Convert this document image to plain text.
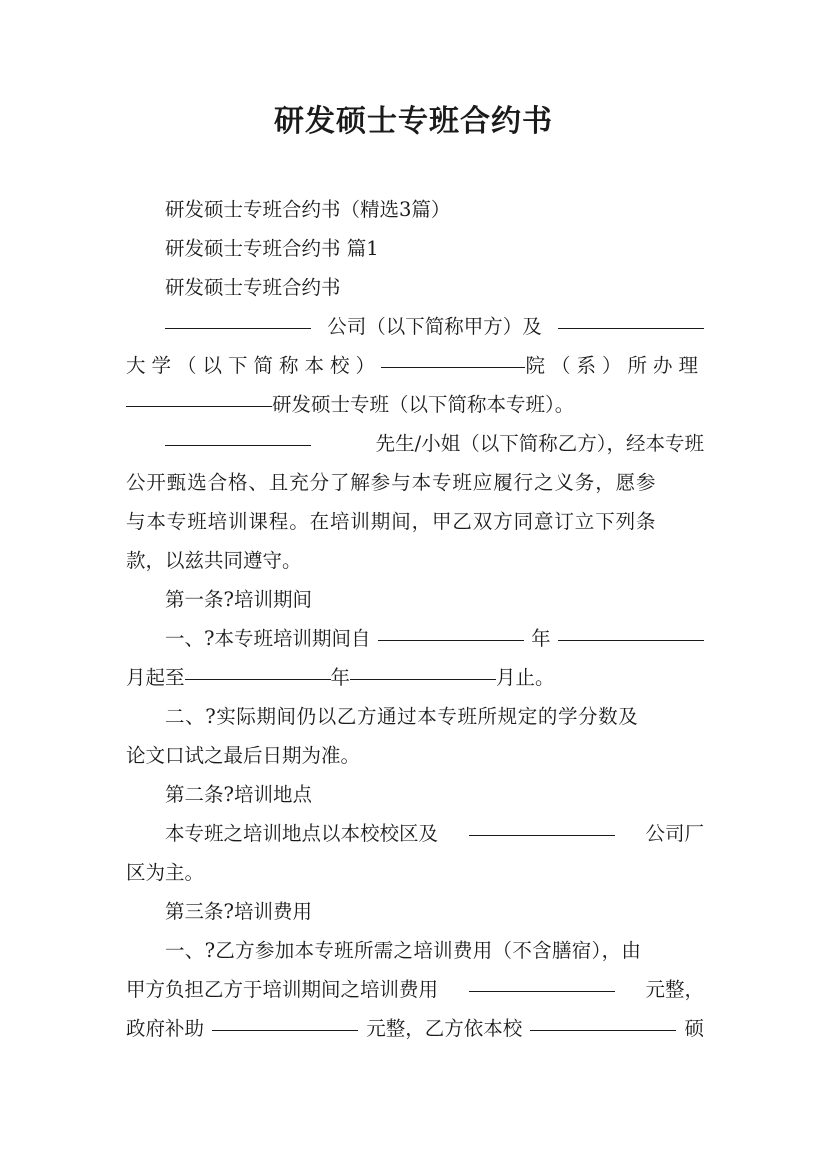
研发硕士专班合约书
研发硕士专班合约书（精选3篇）
研发硕士专班合约书 篇1
研发硕士专班合约书
公司（以下简称甲方）及
大学（以下简称本校）	院（系）所办理
研发硕士专班（以下简称本专班）。
先生/小姐（以下简称乙方），经本专班
公开甄选合格、且充分了解参与本专班应履行之义务，愿参
与本专班培训课程。在培训期间，甲乙双方同意订立下列条
款，以兹共同遵守。
第一条?培训期间
一、?本专班培训期间自	年
月起至	年	月止。
二、?实际期间仍以乙方通过本专班所规定的学分数及
论文口试之最后日期为准。
第二条?培训地点
本专班之培训地点以本校校区及	公司厂
区为主。
第三条?培训费用
一、?乙方参加本专班所需之培训费用（不含膳宿），由
甲方负担乙方于培训期间之培训费用	元整，
政府补助	元整，乙方依本校	硕
